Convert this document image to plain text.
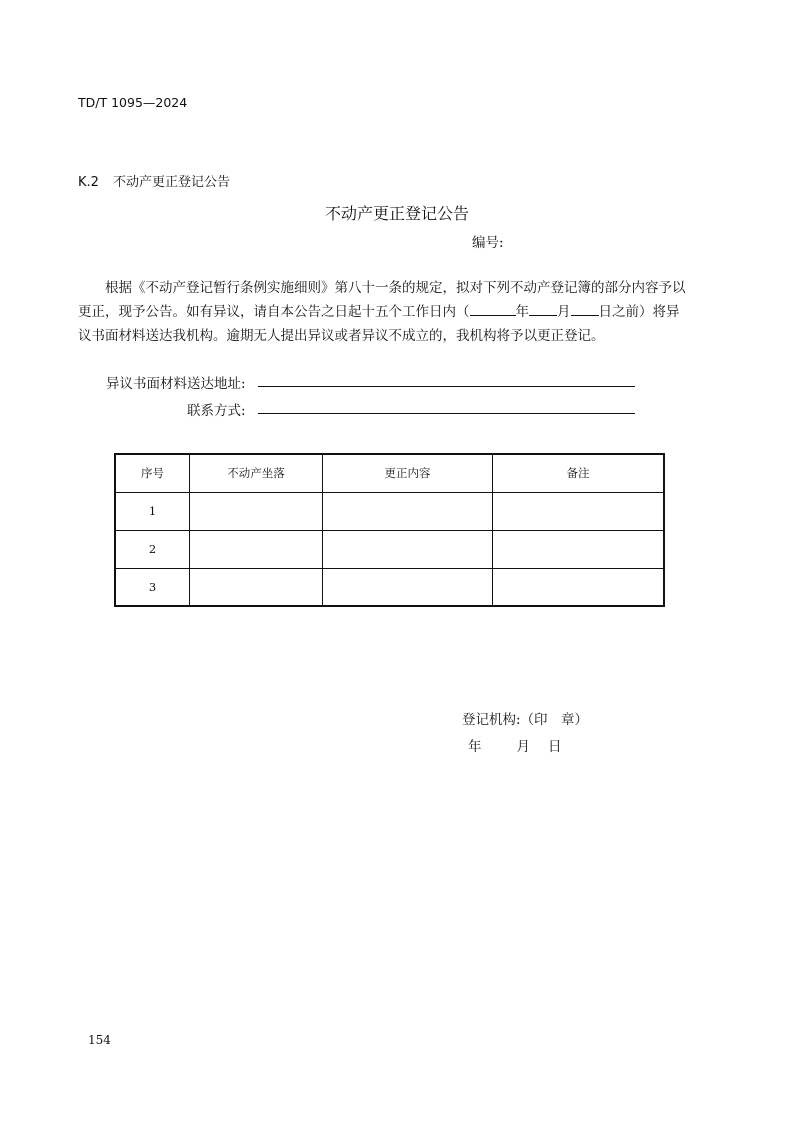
TD/T 1095—2024
K.2 不动产更正登记公告
不动产更正登记公告
编号:
根据《不动产登记暂行条例实施细则》第八十一条的规定，拟对下列不动产登记簿的部分内容予以
更正，现予公告。如有异议，请自本公告之日起十五个工作日内（	年 月 日之前）将异
议书面材料送达我机构。逾期无人提出异议或者异议不成立的，我机构将予以更正登记。
异议书面材料送达地址:
联系方式:
序号	不动产坐落	更正内容	备注
1			
2			
3			
登记机构:（印　章）
年	月 日
154
